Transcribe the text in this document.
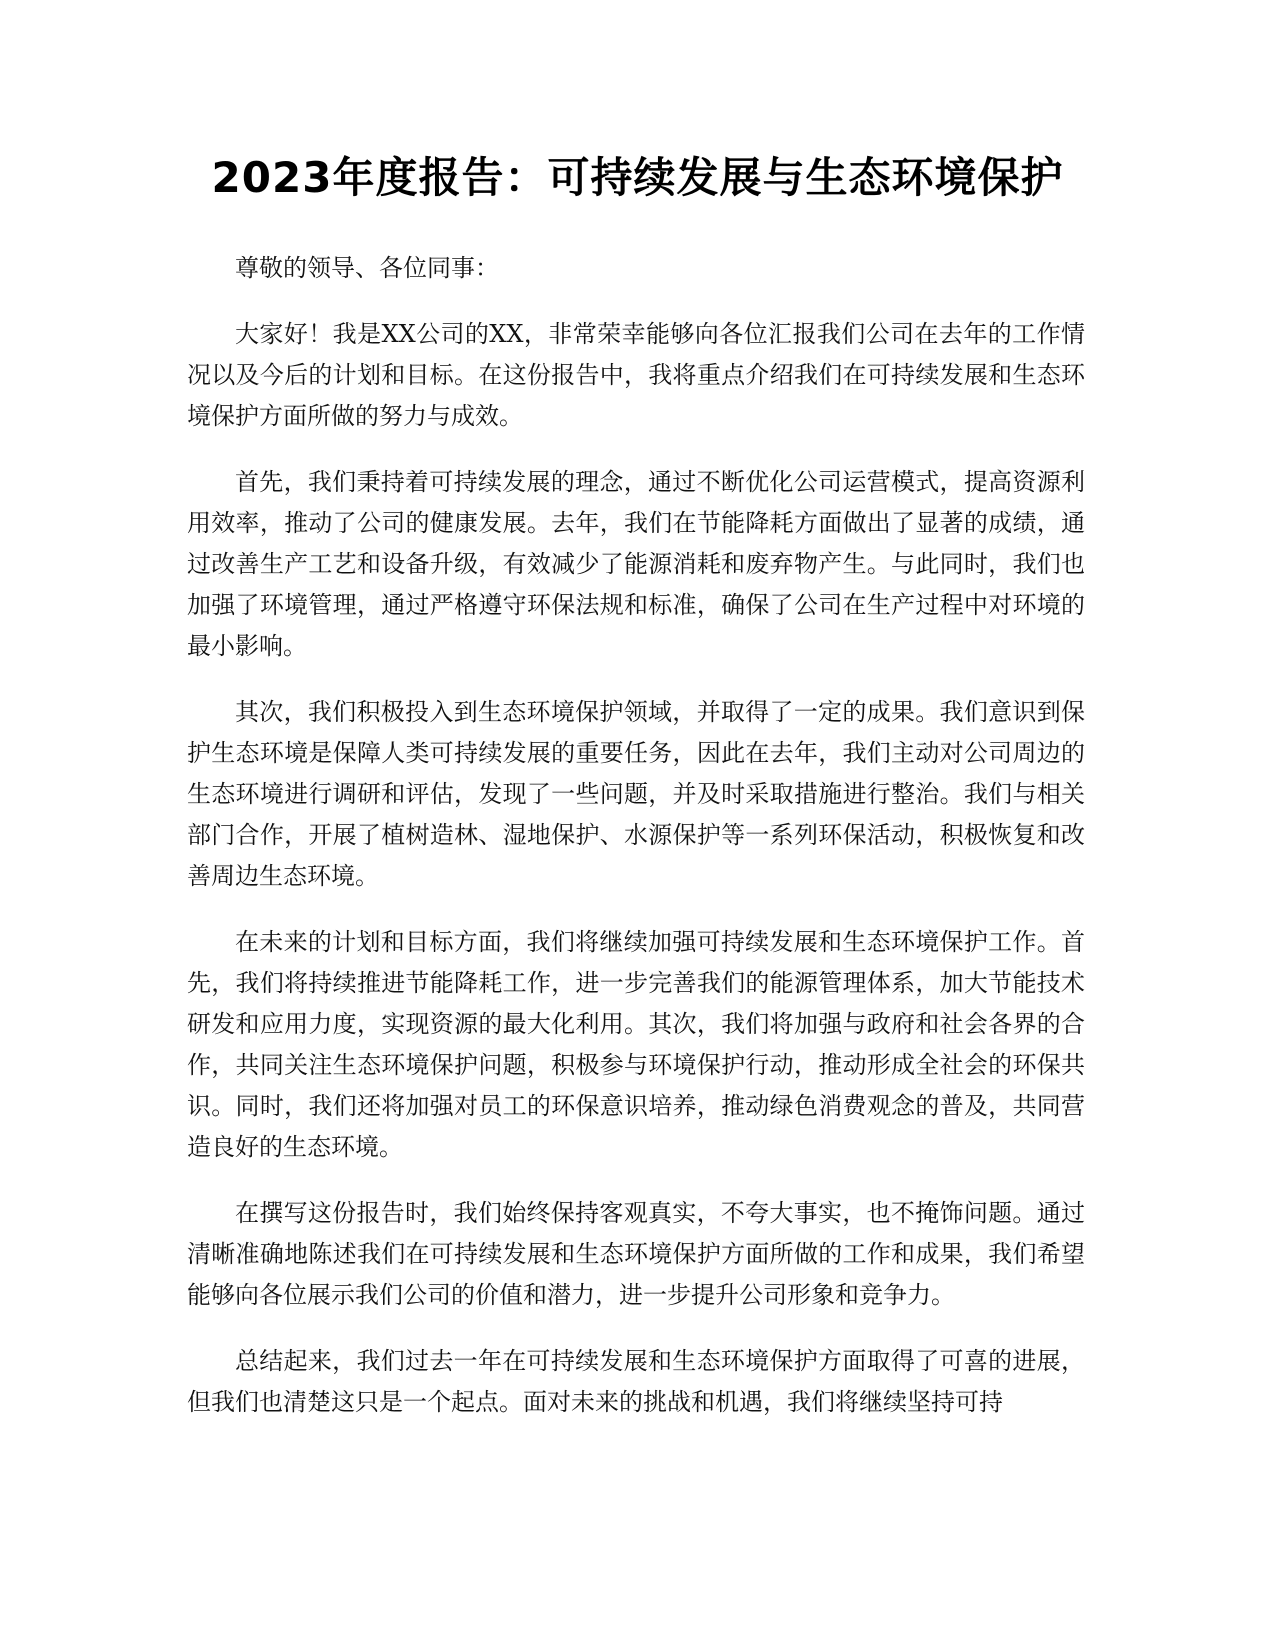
2023年度报告：可持续发展与生态环境保护

尊敬的领导、各位同事：

大家好！我是XX公司的XX，非常荣幸能够向各位汇报我们公司在去年的工作情况以及今后的计划和目标。在这份报告中，我将重点介绍我们在可持续发展和生态环境保护方面所做的努力与成效。

首先，我们秉持着可持续发展的理念，通过不断优化公司运营模式，提高资源利用效率，推动了公司的健康发展。去年，我们在节能降耗方面做出了显著的成绩，通过改善生产工艺和设备升级，有效减少了能源消耗和废弃物产生。与此同时，我们也加强了环境管理，通过严格遵守环保法规和标准，确保了公司在生产过程中对环境的最小影响。

其次，我们积极投入到生态环境保护领域，并取得了一定的成果。我们意识到保护生态环境是保障人类可持续发展的重要任务，因此在去年，我们主动对公司周边的生态环境进行调研和评估，发现了一些问题，并及时采取措施进行整治。我们与相关部门合作，开展了植树造林、湿地保护、水源保护等一系列环保活动，积极恢复和改善周边生态环境。

在未来的计划和目标方面，我们将继续加强可持续发展和生态环境保护工作。首先，我们将持续推进节能降耗工作，进一步完善我们的能源管理体系，加大节能技术研发和应用力度，实现资源的最大化利用。其次，我们将加强与政府和社会各界的合作，共同关注生态环境保护问题，积极参与环境保护行动，推动形成全社会的环保共识。同时，我们还将加强对员工的环保意识培养，推动绿色消费观念的普及，共同营造良好的生态环境。

在撰写这份报告时，我们始终保持客观真实，不夸大事实，也不掩饰问题。通过清晰准确地陈述我们在可持续发展和生态环境保护方面所做的工作和成果，我们希望能够向各位展示我们公司的价值和潜力，进一步提升公司形象和竞争力。

总结起来，我们过去一年在可持续发展和生态环境保护方面取得了可喜的进展，但我们也清楚这只是一个起点。面对未来的挑战和机遇，我们将继续坚持可持
